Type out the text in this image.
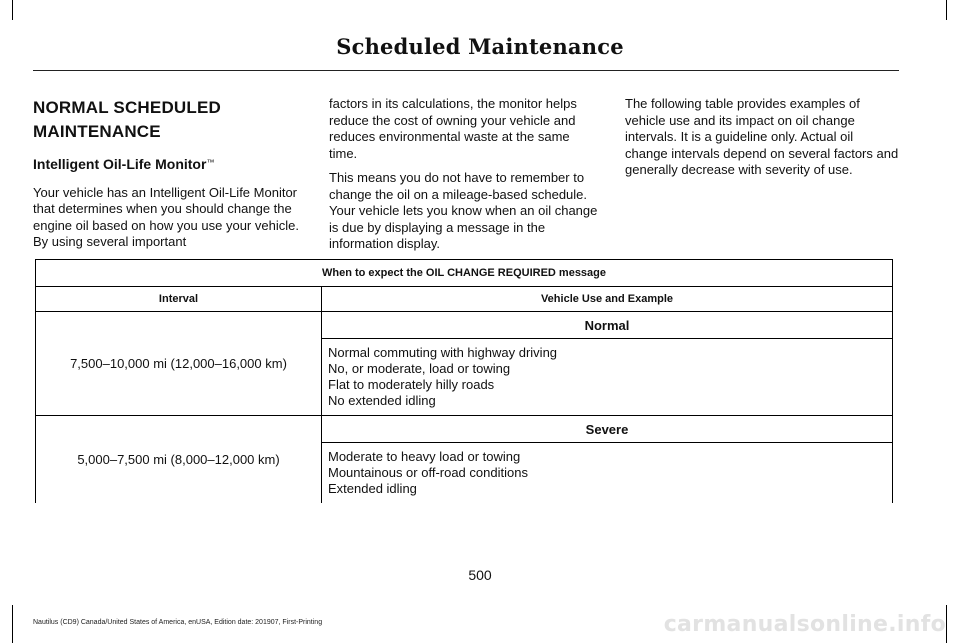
Scheduled Maintenance
NORMAL SCHEDULED MAINTENANCE
Intelligent Oil-Life Monitor™

Your vehicle has an Intelligent Oil-Life Monitor that determines when you should change the engine oil based on how you use your vehicle. By using several important

factors in its calculations, the monitor helps reduce the cost of owning your vehicle and reduces environmental waste at the same time.

This means you do not have to remember to change the oil on a mileage-based schedule. Your vehicle lets you know when an oil change is due by displaying a message in the information display.

The following table provides examples of vehicle use and its impact on oil change intervals. It is a guideline only. Actual oil change intervals depend on several factors and generally decrease with severity of use.

When to expect the OIL CHANGE REQUIRED message	
Interval	Vehicle Use and Example
7,500–10,000 mi (12,000–16,000 km)	Normal

	Normal commuting with highway driving
No, or moderate, load or towing
Flat to moderately hilly roads
No extended idling

5,000–7,500 mi (8,000–12,000 km)	Severe

	Moderate to heavy load or towing
Mountainous or off-road conditions
Extended idling
500
Nautilus (CD9) Canada/United States of America, enUSA, Edition date: 201907, First-Printing	carmanualsonline.info
